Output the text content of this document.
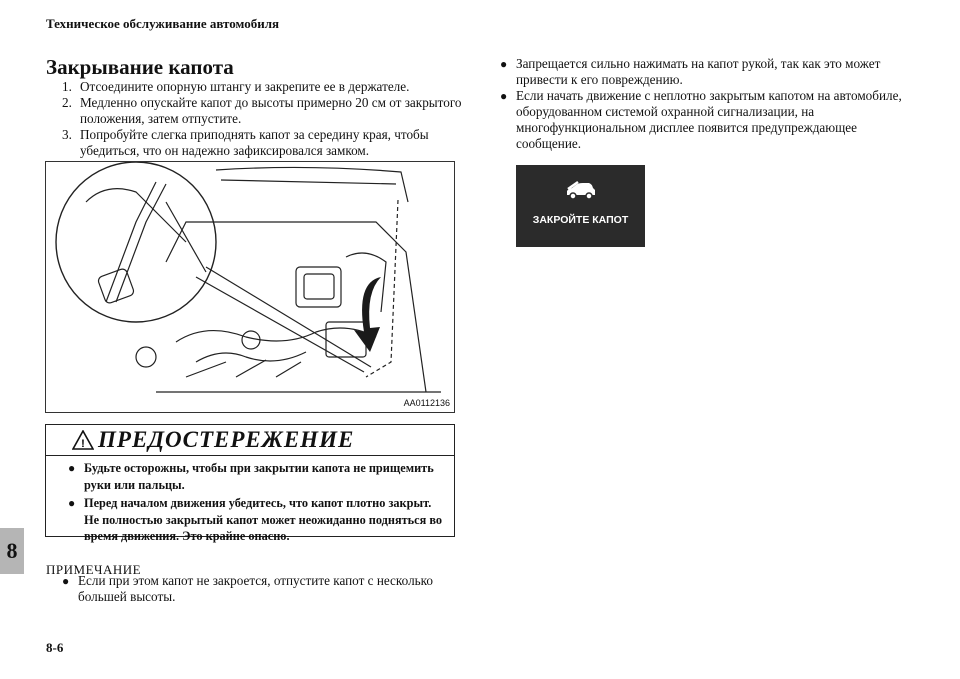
Техническое обслуживание автомобиля
Закрывание капота
1. Отсоедините опорную штангу и закрепите ее в держателе.
2. Медленно опускайте капот до высоты примерно 20 см от закрытого положения, затем отпустите.
3. Попробуйте слегка приподнять капот за середину края, чтобы убедиться, что он надежно зафиксировался замком.
AA0112136
! ПРЕДОСТЕРЕЖЕНИЕ
● Будьте осторожны, чтобы при закрытии капота не прищемить руки или пальцы.
● Перед началом движения убедитесь, что капот плотно закрыт. Не полностью закрытый капот может неожиданно подняться во время движения. Это крайне опасно.
ПРИМЕЧАНИЕ
● Если при этом капот не закроется, отпустите капот с несколько большей высоты.
● Запрещается сильно нажимать на капот рукой, так как это может привести к его повреждению.
● Если начать движение с неплотно закрытым капотом на автомобиле, оборудованном системой охранной сигнализации, на многофункциональном дисплее появится предупреждающее сообщение.
ЗАКРОЙТЕ КАПОТ
8
8-6
